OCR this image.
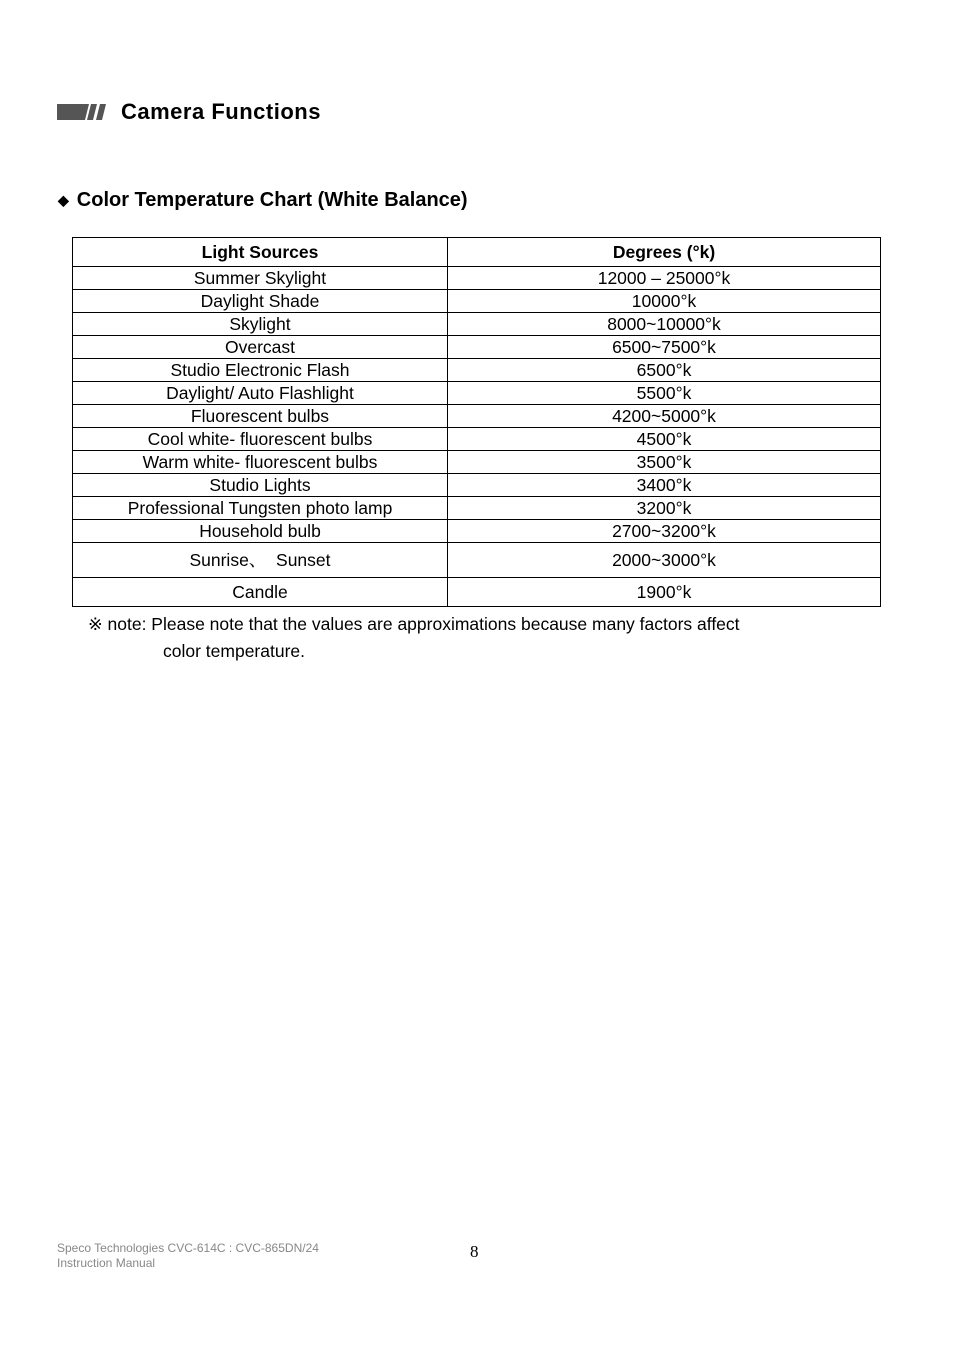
Camera Functions
◆ Color Temperature Chart (White Balance)
Light Sources	Degrees (°k)
Summer Skylight	12000 – 25000°k
Daylight Shade	10000°k
Skylight	8000~10000°k
Overcast	6500~7500°k
Studio Electronic Flash	6500°k
Daylight/ Auto Flashlight	5500°k
Fluorescent bulbs	4200~5000°k
Cool white- fluorescent bulbs	4500°k
Warm white- fluorescent bulbs	3500°k
Studio Lights	3400°k
Professional Tungsten photo lamp	3200°k
Household bulb	2700~3200°k
Sunrise、  Sunset	2000~3000°k
Candle	1900°k
※ note: Please note that the values are approximations because many factors affect
color temperature.
Speco Technologies CVC-614C : CVC-865DN/24
Instruction Manual
8
